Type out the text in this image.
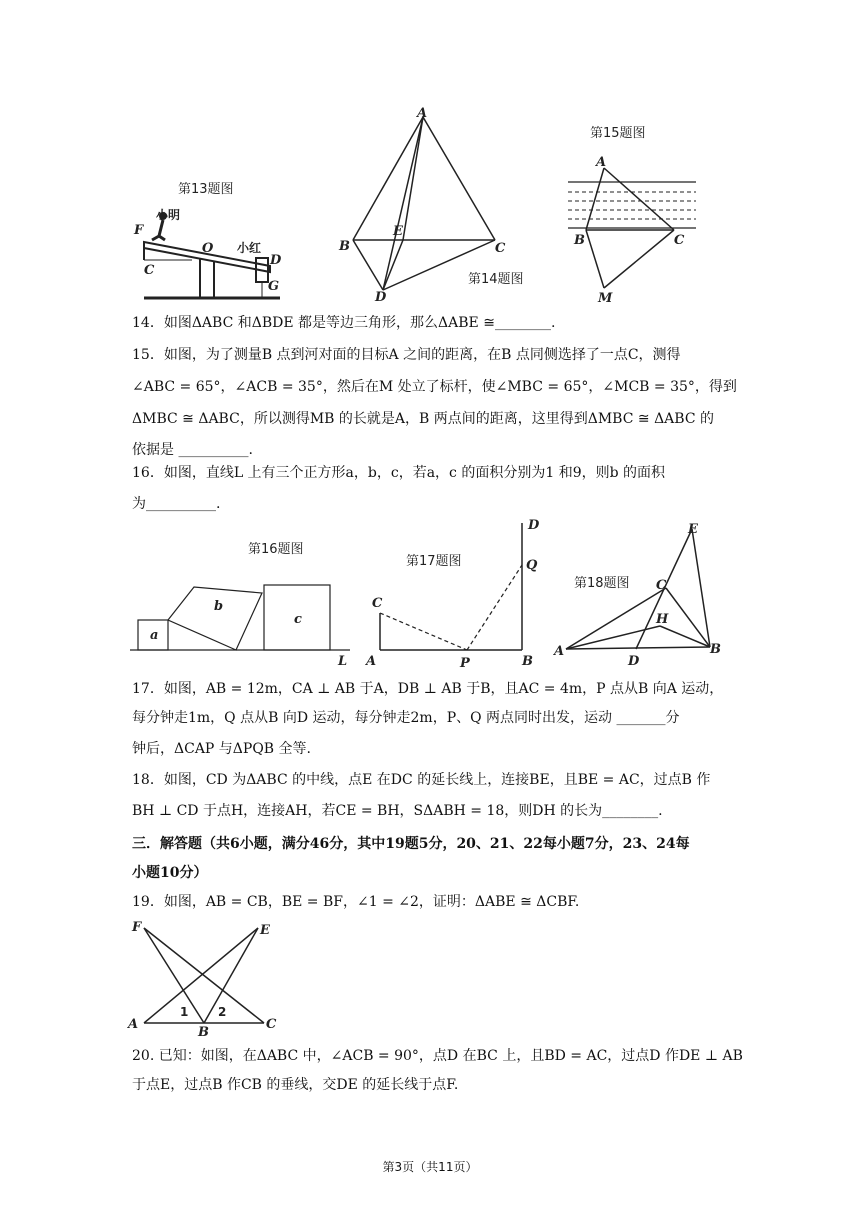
第13题图
小明
F
C
O 小红
D
G
A
B
E
C
D
第14题图
第15题图
A
B	C
M
14．如图ΔABC 和ΔBDE 都是等边三角形，那么ΔABE ≅________.
15．如图，为了测量B 点到河对面的目标A 之间的距离，在B 点同侧选择了一点C，测得
∠ABC = 65°，∠ACB = 35°，然后在M 处立了标杆，使∠MBC = 65°，∠MCB = 35°，得到
ΔMBC ≅ ΔABC，所以测得MB 的长就是A，B 两点间的距离，这里得到ΔMBC ≅ ΔABC 的
依据是 __________.
16．如图，直线L 上有三个正方形a，b，c，若a，c 的面积分别为1 和9，则b 的面积
为__________.
第16题图
a
b
c
L
第17题图
C
A	P	B
D
Q
第18题图
E
C
H
A
D
B
17．如图，AB = 12m，CA ⊥ AB 于A，DB ⊥ AB 于B，且AC = 4m，P 点从B 向A 运动，
每分钟走1m，Q 点从B 向D 运动，每分钟走2m，P、Q 两点同时出发，运动 _______分
钟后，ΔCAP 与ΔPQB 全等.
18．如图，CD 为ΔABC 的中线，点E 在DC 的延长线上，连接BE，且BE = AC，过点B 作
BH ⊥ CD 于点H，连接AH，若CE = BH，SΔABH = 18，则DH 的长为________.
三．解答题（共6小题，满分46分，其中19题5分，20、21、22每小题7分，23、24每
小题10分）
19．如图，AB = CB，BE = BF，∠1 = ∠2，证明：ΔABE ≅ ΔCBF.
F	E
A	C
B
1 2
20. 已知：如图，在ΔABC 中，∠ACB = 90°，点D 在BC 上，且BD = AC，过点D 作DE ⊥ AB
于点E，过点B 作CB 的垂线，交DE 的延长线于点F.
第3页（共11页）
